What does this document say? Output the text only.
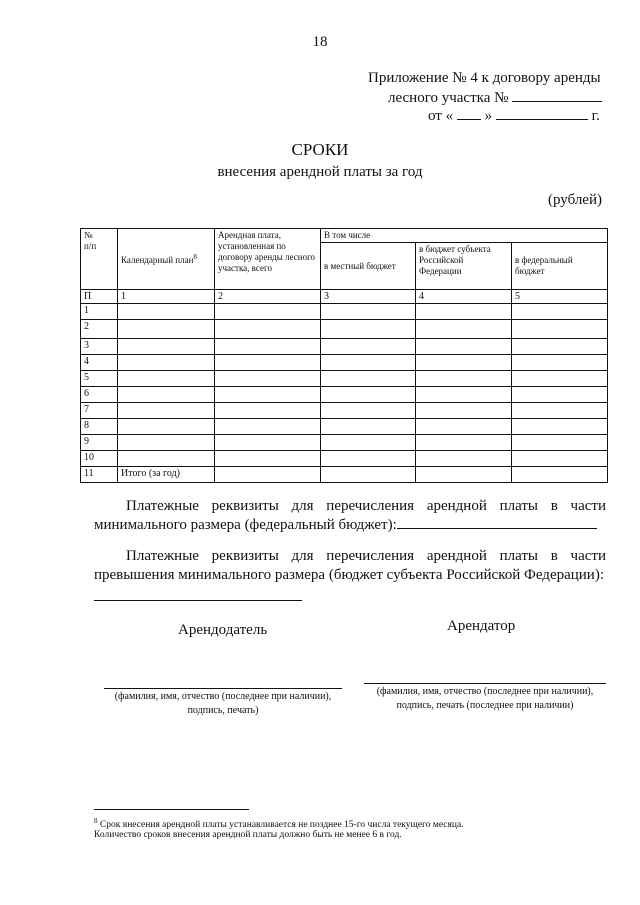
18
Приложение № 4 к договору аренды
лесного участка №
от « »	г.
СРОКИ
внесения арендной платы за год
(рублей)
№
п/п	Календарный план$^8$	Арендная плата, установленная по договору аренды лесного участка, всего	В том числе		
			в местный бюджет	в бюджет субъекта Российской Федерации	в федеральный бюджет
П	1	2	3	4	5
1					
2					
3					
4					
5					
6					
7					
8					
9					
10					
11	Итого (за год)				
Платежные реквизиты для перечисления арендной платы в части минимального размера (федеральный бюджет):
Платежные реквизиты для перечисления арендной платы в части превышения минимального размера (бюджет субъекта Российской Федерации):
Арендодатель	Арендатор
(фамилия, имя, отчество (последнее при наличии),
подпись, печать)
(фамилия, имя, отчество (последнее при наличии),
подпись, печать (последнее при наличии)
$^8$ Срок внесения арендной платы устанавливается не позднее 15-го числа текущего месяца.
Количество сроков внесения арендной платы должно быть не менее 6 в год.
